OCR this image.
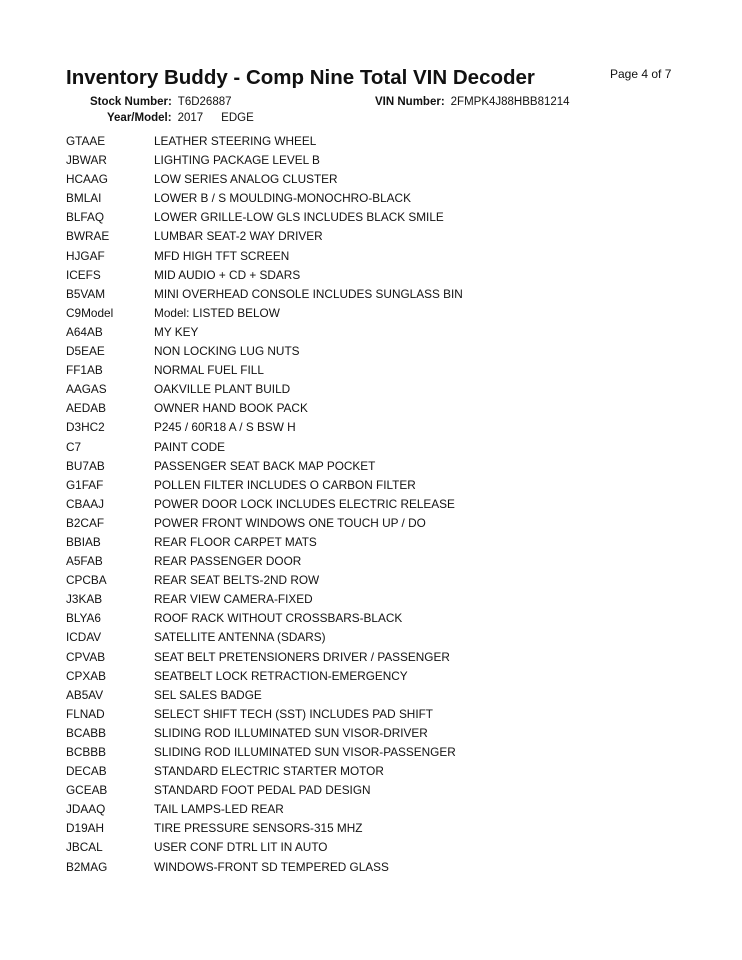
Inventory Buddy - Comp Nine Total VIN Decoder	Page 4 of 7
Stock Number: T6D26887	VIN Number: 2FMPK4J88HBB81214
Year/Model: 2017 EDGE
GTAAE	LEATHER STEERING WHEEL
JBWAR	LIGHTING PACKAGE LEVEL B
HCAAG	LOW SERIES ANALOG CLUSTER
BMLAI	LOWER B / S MOULDING-MONOCHRO-BLACK
BLFAQ	LOWER GRILLE-LOW GLS INCLUDES BLACK SMILE
BWRAE	LUMBAR SEAT-2 WAY DRIVER
HJGAF	MFD HIGH TFT SCREEN
ICEFS	MID AUDIO + CD + SDARS
B5VAM	MINI OVERHEAD CONSOLE INCLUDES SUNGLASS BIN
C9Model	Model: LISTED BELOW
A64AB	MY KEY
D5EAE	NON LOCKING LUG NUTS
FF1AB	NORMAL FUEL FILL
AAGAS	OAKVILLE PLANT BUILD
AEDAB	OWNER HAND BOOK PACK
D3HC2	P245 / 60R18 A / S BSW H
C7	PAINT CODE
BU7AB	PASSENGER SEAT BACK MAP POCKET
G1FAF	POLLEN FILTER INCLUDES O CARBON FILTER
CBAAJ	POWER DOOR LOCK INCLUDES ELECTRIC RELEASE
B2CAF	POWER FRONT WINDOWS ONE TOUCH UP / DO
BBIAB	REAR FLOOR CARPET MATS
A5FAB	REAR PASSENGER DOOR
CPCBA	REAR SEAT BELTS-2ND ROW
J3KAB	REAR VIEW CAMERA-FIXED
BLYA6	ROOF RACK WITHOUT CROSSBARS-BLACK
ICDAV	SATELLITE ANTENNA (SDARS)
CPVAB	SEAT BELT PRETENSIONERS DRIVER / PASSENGER
CPXAB	SEATBELT LOCK RETRACTION-EMERGENCY
AB5AV	SEL SALES BADGE
FLNAD	SELECT SHIFT TECH (SST) INCLUDES PAD SHIFT
BCABB	SLIDING ROD ILLUMINATED SUN VISOR-DRIVER
BCBBB	SLIDING ROD ILLUMINATED SUN VISOR-PASSENGER
DECAB	STANDARD ELECTRIC STARTER MOTOR
GCEAB	STANDARD FOOT PEDAL PAD DESIGN
JDAAQ	TAIL LAMPS-LED REAR
D19AH	TIRE PRESSURE SENSORS-315 MHZ
JBCAL	USER CONF DTRL LIT IN AUTO
B2MAG	WINDOWS-FRONT SD TEMPERED GLASS
